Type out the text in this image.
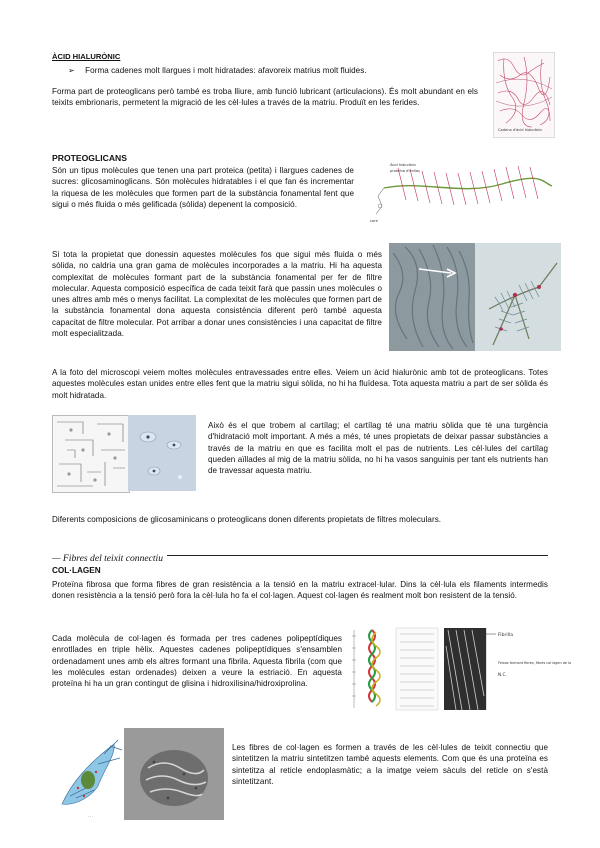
ÀCID HIALURÒNIC
➢ Forma cadenes molt llargues i molt hidratades: afavoreix matrius molt fluides.
Forma part de proteoglicans però també es troba lliure, amb funció lubricant (articulacions). És molt abundant en els teixits embrionaris, permetent la migració de les cèl·lules a través de la matriu. Produït en les ferides.
Cadena d'àcid hialurònic
PROTEOGLICANS
Són un tipus molècules que tenen una part proteica (petita) i llargues cadenes de sucres: glicosaminoglicans. Són molècules hidratables i el que fan és incrementar la riquesa de les molècules que formen part de la substància fonamental fent que sigui o més fluida o més gelificada (sòlida) depenent la composició.
Àcid hialurònic
proteïna d'enllaç
core
Si tota la propietat que donessin aquestes molècules fos que sigui més fluida o més sòlida, no caldria una gran gama de molècules incorporades a la matriu. Hi ha aquesta complexitat de molècules formant part de la substància fonamental per fer de filtre molecular. Aquesta composició específica de cada teixit farà que passin unes molècules o unes altres amb més o menys facilitat. La complexitat de les molècules que formen part de la substància fonamental dona aquesta consistència diferent però també aquesta capacitat de filtre molecular. Pot arribar a donar unes consistències i una capacitat de filtre molt especialitzada.
A la foto del microscopi veiem moltes molècules entravessades entre elles. Veiem un àcid hialurònic amb tot de proteoglicans. Totes aquestes molècules estan unides entre elles fent que la matriu sigui sòlida, no hi ha fluïdesa. Tota aquesta matriu a part de ser sòlida és molt hidratada.
Això és el que trobem al cartílag; el cartílag té una matriu sòlida que té una turgència d'hidratació molt important. A més a més, té unes propietats de deixar passar substàncies a través de la matriu en que es facilita molt el pas de nutrients. Les cèl·lules del cartílag queden aïllades al mig de la matriu sòlida, no hi ha vasos sanguinis per tant els nutrients han de travessar aquesta matriu.
Diferents composicions de glicosaminicans o proteoglicans donen diferents propietats de filtres moleculars.
— Fibres del teixit connectiu
COL·LAGEN
Proteïna fibrosa que forma fibres de gran resistència a la tensió en la matriu extracel·lular. Dins la cèl·lula els filaments intermedis donen resistència a la tensió però fora la cèl·lula ho fa el col·lagen. Aquest col·lagen és realment molt bon resistent de la tensió.
Cada molècula de col·lagen és formada per tres cadenes polipeptídiques enrotllades en triple hèlix. Aquestes cadenes polipeptídiques s'ensamblen ordenadament unes amb els altres formant una fibrila. Aquesta fibrila (com que les molècules estan ordenades) deixen a veure la estriació. En aquesta proteïna hi ha un gran contingut de glisina i hidroxilisina/hidroxiprolina.
Fibrilla
Feixos formant fibres, fibres col·lagen de la
N.C.
· · ·
Les fibres de col·lagen es formen a través de les cèl·lules de teixit connectiu que sintetitzen la matriu sintetitzen també aquests elements. Com que és una proteïna es sintetitza al reticle endoplasmàtic; a la imatge veiem sàculs del reticle on s'està sintetitzant.
